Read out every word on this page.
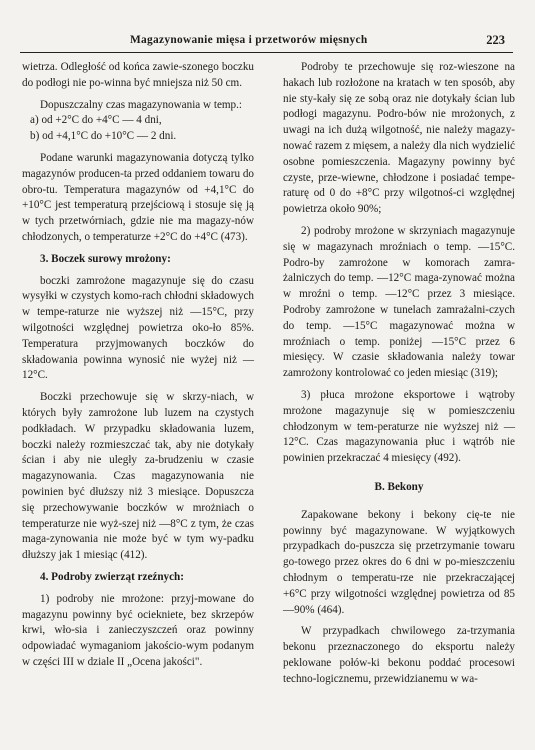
Magazynowanie mięsa i przetworów mięsnych	223

wietrza. Odległość od końca zawie-szonego boczku do podłogi nie po-winna być mniejsza niż 50 cm.

Dopuszczalny czas magazynowania w temp.:

a) od +2°C do +4°C — 4 dni,

b) od +4,1°C do +10°C — 2 dni.

Podane warunki magazynowania dotyczą tylko magazynów producen-ta przed oddaniem towaru do obro-tu. Temperatura magazynów od +4,1°C do +10°C jest temperaturą przejściową i stosuje się ją w tych przetwórniach, gdzie nie ma magazy-nów chłodzonych, o temperaturze +2°C do +4°C (473).

3. Boczek surowy mrożony:

boczki zamrożone magazynuje się do czasu wysyłki w czystych komo-rach chłodni składowych w tempe-raturze nie wyższej niż —15°C, przy wilgotności względnej powietrza oko-ło 85%. Temperatura przyjmowanych boczków do składowania powinna wynosić nie wyżej niż —12°C.

Boczki przechowuje się w skrzy-niach, w których były zamrożone lub luzem na czystych podkładach. W przypadku składowania luzem, boczki należy rozmieszczać tak, aby nie dotykały ścian i aby nie uległy za-brudzeniu w czasie magazynowania. Czas magazynowania nie powinien być dłuższy niż 3 miesiące. Dopuszcza się przechowywanie boczków w mrożniach o temperaturze nie wyż-szej niż —8°C z tym, że czas maga-zynowania nie może być w tym wy-padku dłuższy jak 1 miesiąc (412).

4. Podroby zwierząt rzeźnych:

1) podroby nie mrożone: przyj-mowane do magazynu powinny być ociekniete, bez skrzepów krwi, wło-sia i zanieczyszczeń oraz powinny odpowiadać wymaganiom jakościo-wym podanym w części III w dziale II „Ocena jakości".

Podroby te przechowuje się roz-wieszone na hakach lub rozłożone na kratach w ten sposób, aby nie sty-kały się ze sobą oraz nie dotykały ścian lub podłogi magazynu. Podro-bów nie mrożonych, z uwagi na ich dużą wilgotność, nie należy magazy-nować razem z mięsem, a należy dla nich wydzielić osobne pomieszczenia. Magazyny powinny być czyste, prze-wiewne, chłodzone i posiadać tempe-raturę od 0 do +8°C przy wilgotnoś-ci względnej powietrza około 90%;

2) podroby mrożone w skrzyniach magazynuje się w magazynach mroźniach o temp. —15°C. Podro-by zamrożone w komorach zamra-żalniczych do temp. —12°C maga-zynować można w mroźni o temp. —12°C przez 3 miesiące. Podroby zamrożone w tunelach zamrażalni-czych do temp. —15°C magazynować można w mroźniach o temp. poniżej —15°C przez 6 miesięcy. W czasie składowania należy towar zamrożony kontrolować co jeden miesiąc (319);

3) płuca mrożone eksportowe i wątroby mrożone magazynuje się w pomieszczeniu chłodzonym w tem-peraturze nie wyższej niż —12°C. Czas magazynowania płuc i wątrób nie powinien przekraczać 4 miesięcy (492).

B. Bekony

Zapakowane bekony i bekony cię-te nie powinny być magazynowane. W wyjątkowych przypadkach do-puszcza się przetrzymanie towaru go-towego przez okres do 6 dni w po-mieszczeniu chłodnym o temperatu-rze nie przekraczającej +6°C przy wilgotności względnej powietrza od 85—90% (464).

W przypadkach chwilowego za-trzymania bekonu przeznaczonego do eksportu należy peklowane połów-ki bekonu poddać procesowi techno-logicznemu, przewidzianemu w wa-
